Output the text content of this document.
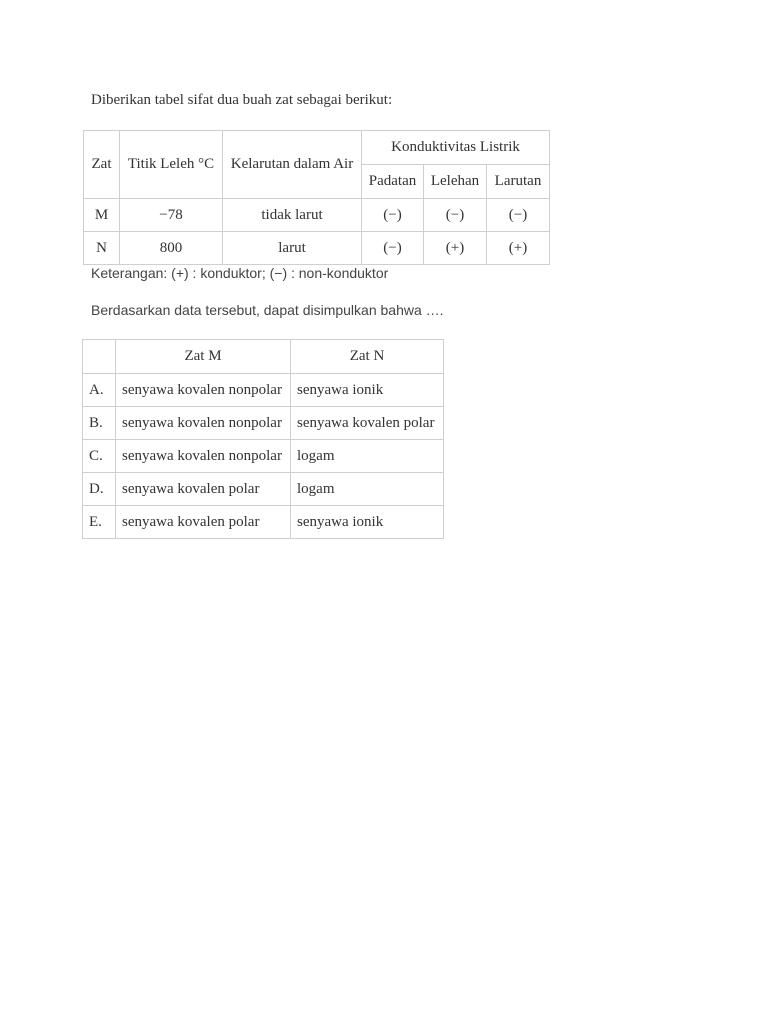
Diberikan tabel sifat dua buah zat sebagai berikut:
Zat	Titik Leleh °C	Kelarutan dalam Air	Konduktivitas Listrik		
			Padatan	Lelehan	Larutan
M	−78	tidak larut	(−)	(−)	(−)
N	800	larut	(−)	(+)	(+)
Keterangan: (+) : konduktor; (−) : non-konduktor
Berdasarkan data tersebut, dapat disimpulkan bahwa ….
	Zat M	Zat N
A.	senyawa kovalen nonpolar	senyawa ionik
B.	senyawa kovalen nonpolar	senyawa kovalen polar
C.	senyawa kovalen nonpolar	logam
D.	senyawa kovalen polar	logam
E.	senyawa kovalen polar	senyawa ionik
